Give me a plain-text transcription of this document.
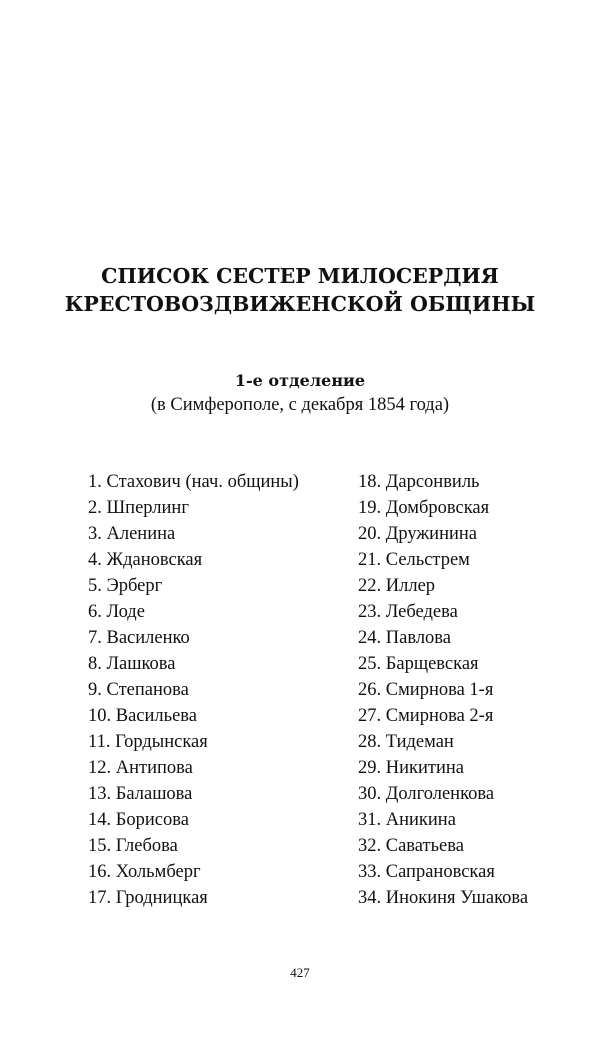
СПИСОК СЕСТЕР МИЛОСЕРДИЯ
КРЕСТОВОЗДВИЖЕНСКОЙ ОБЩИНЫ
1-е отделение
(в Симферополе, с декабря 1854 года)
1. Стахович (нач. общины)
2. Шперлинг
3. Аленина
4. Ждановская
5. Эрберг
6. Лоде
7. Василенко
8. Лашкова
9. Степанова
10. Васильева
11. Гордынская
12. Антипова
13. Балашова
14. Борисова
15. Глебова
16. Хольмберг
17. Гродницкая
18. Дарсонвиль
19. Домбровская
20. Дружинина
21. Сельстрем
22. Иллер
23. Лебедева
24. Павлова
25. Барщевская
26. Смирнова 1-я
27. Смирнова 2-я
28. Тидеман
29. Никитина
30. Долголенкова
31. Аникина
32. Саватьева
33. Сапрановская
34. Инокиня Ушакова
427
